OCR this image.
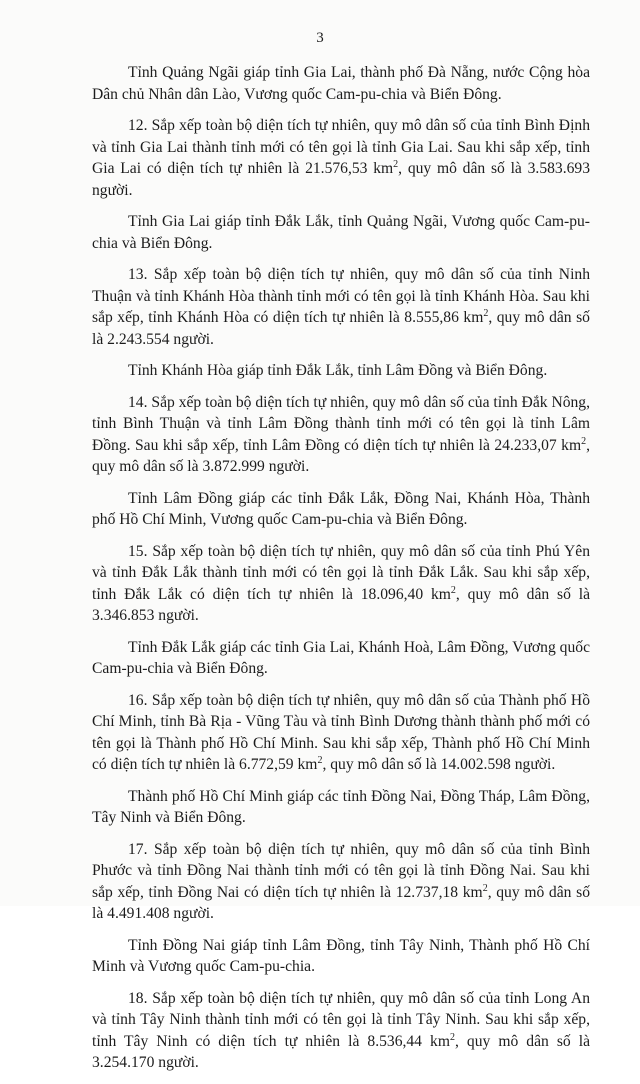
3

Tỉnh Quảng Ngãi giáp tỉnh Gia Lai, thành phố Đà Nẵng, nước Cộng hòa Dân chủ Nhân dân Lào, Vương quốc Cam-pu-chia và Biển Đông.

12. Sắp xếp toàn bộ diện tích tự nhiên, quy mô dân số của tỉnh Bình Định và tỉnh Gia Lai thành tỉnh mới có tên gọi là tỉnh Gia Lai. Sau khi sắp xếp, tỉnh Gia Lai có diện tích tự nhiên là 21.576,53 $km^2$, quy mô dân số là 3.583.693 người.

Tỉnh Gia Lai giáp tỉnh Đắk Lắk, tỉnh Quảng Ngãi, Vương quốc Cam-pu-chia và Biển Đông.

13. Sắp xếp toàn bộ diện tích tự nhiên, quy mô dân số của tỉnh Ninh Thuận và tỉnh Khánh Hòa thành tỉnh mới có tên gọi là tỉnh Khánh Hòa. Sau khi sắp xếp, tỉnh Khánh Hòa có diện tích tự nhiên là 8.555,86 $km^2$, quy mô dân số là 2.243.554 người.

Tỉnh Khánh Hòa giáp tỉnh Đắk Lắk, tỉnh Lâm Đồng và Biển Đông.

14. Sắp xếp toàn bộ diện tích tự nhiên, quy mô dân số của tỉnh Đắk Nông, tỉnh Bình Thuận và tỉnh Lâm Đồng thành tỉnh mới có tên gọi là tỉnh Lâm Đồng. Sau khi sắp xếp, tỉnh Lâm Đồng có diện tích tự nhiên là 24.233,07 $km^2$, quy mô dân số là 3.872.999 người.

Tỉnh Lâm Đồng giáp các tỉnh Đắk Lắk, Đồng Nai, Khánh Hòa, Thành phố Hồ Chí Minh, Vương quốc Cam-pu-chia và Biển Đông.

15. Sắp xếp toàn bộ diện tích tự nhiên, quy mô dân số của tỉnh Phú Yên và tỉnh Đắk Lắk thành tỉnh mới có tên gọi là tỉnh Đắk Lắk. Sau khi sắp xếp, tỉnh Đắk Lắk có diện tích tự nhiên là 18.096,40 $km^2$, quy mô dân số là 3.346.853 người.

Tỉnh Đắk Lắk giáp các tỉnh Gia Lai, Khánh Hoà, Lâm Đồng, Vương quốc Cam-pu-chia và Biển Đông.

16. Sắp xếp toàn bộ diện tích tự nhiên, quy mô dân số của Thành phố Hồ Chí Minh, tỉnh Bà Rịa - Vũng Tàu và tỉnh Bình Dương thành thành phố mới có tên gọi là Thành phố Hồ Chí Minh. Sau khi sắp xếp, Thành phố Hồ Chí Minh có diện tích tự nhiên là 6.772,59 $km^2$, quy mô dân số là 14.002.598 người.

Thành phố Hồ Chí Minh giáp các tỉnh Đồng Nai, Đồng Tháp, Lâm Đồng, Tây Ninh và Biển Đông.

17. Sắp xếp toàn bộ diện tích tự nhiên, quy mô dân số của tỉnh Bình Phước và tỉnh Đồng Nai thành tỉnh mới có tên gọi là tỉnh Đồng Nai. Sau khi sắp xếp, tỉnh Đồng Nai có diện tích tự nhiên là 12.737,18 $km^2$, quy mô dân số là 4.491.408 người.

Tỉnh Đồng Nai giáp tỉnh Lâm Đồng, tỉnh Tây Ninh, Thành phố Hồ Chí Minh và Vương quốc Cam-pu-chia.

18. Sắp xếp toàn bộ diện tích tự nhiên, quy mô dân số của tỉnh Long An và tỉnh Tây Ninh thành tỉnh mới có tên gọi là tỉnh Tây Ninh. Sau khi sắp xếp, tỉnh Tây Ninh có diện tích tự nhiên là 8.536,44 $km^2$, quy mô dân số là 3.254.170 người.
